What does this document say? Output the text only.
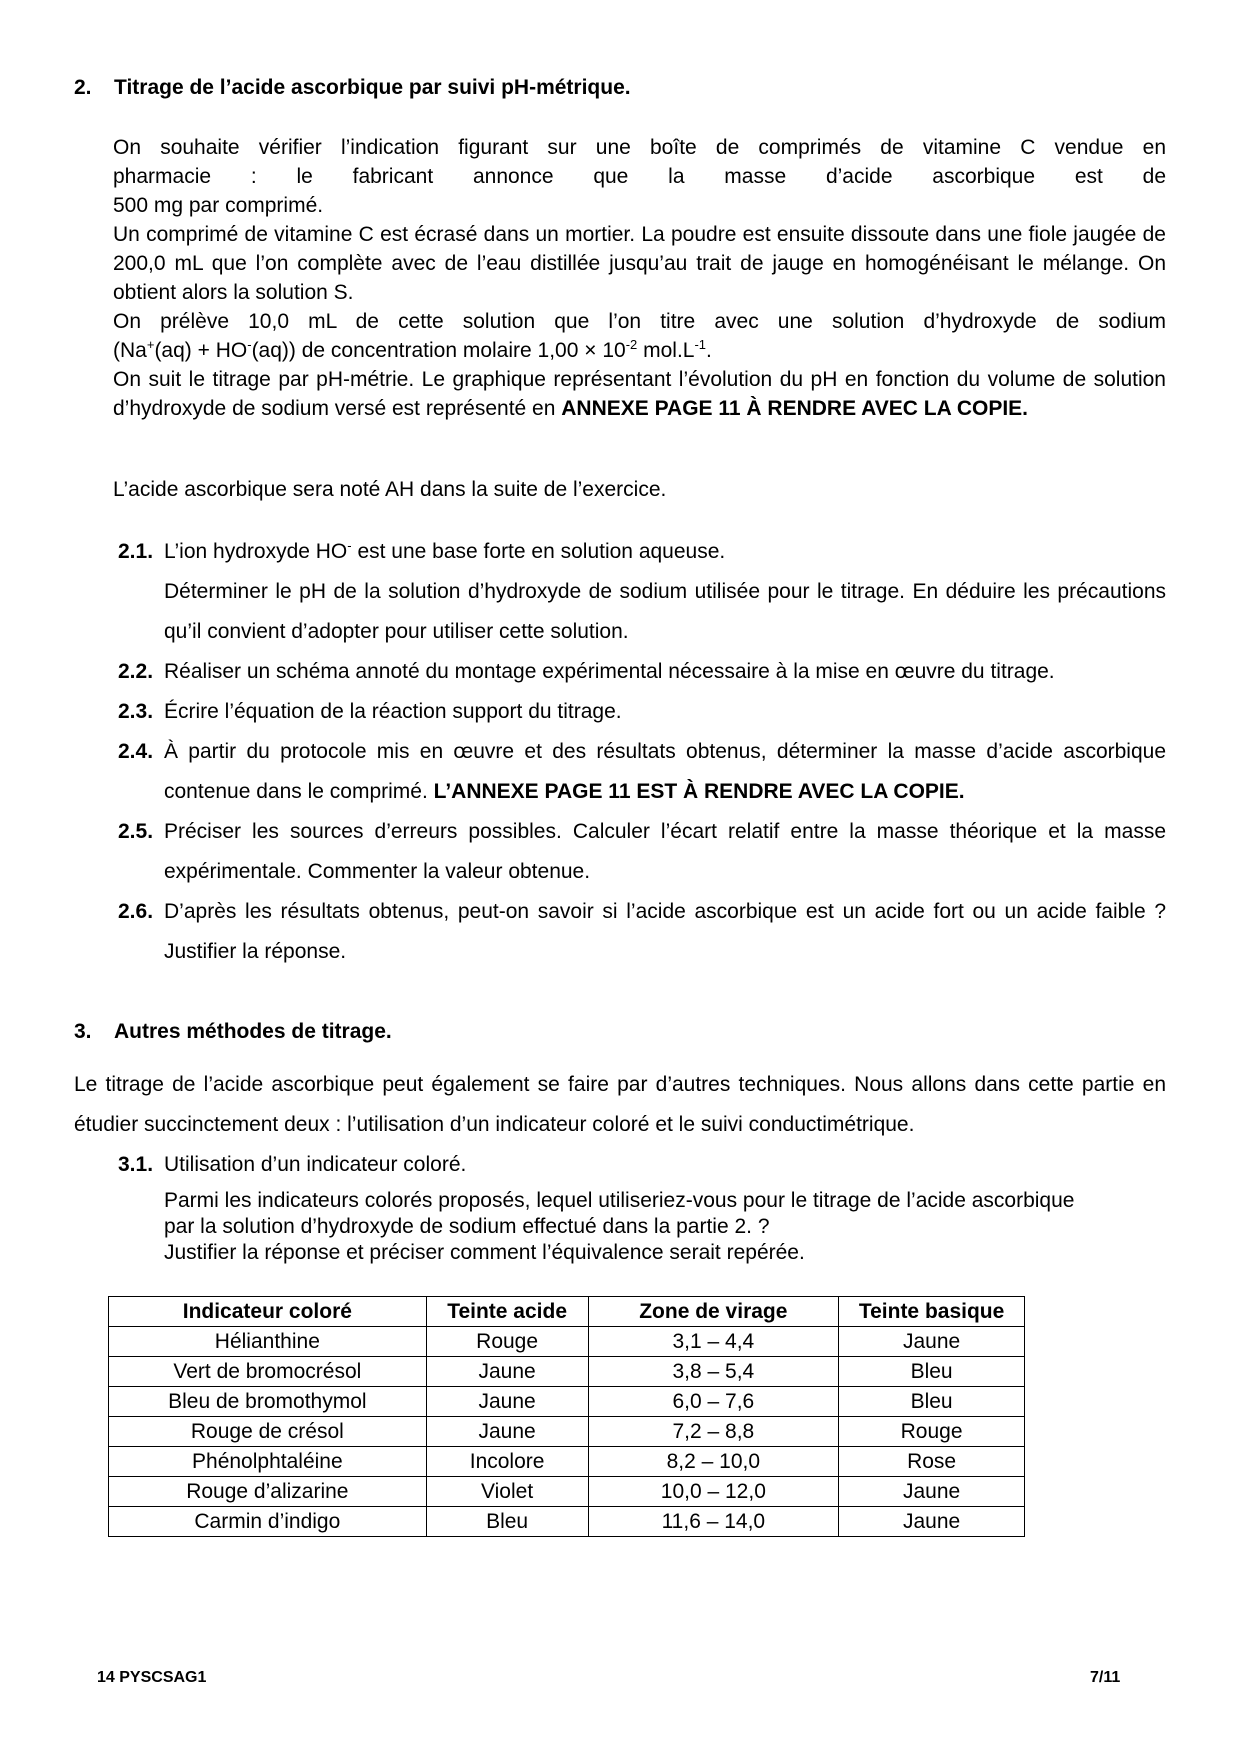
2. Titrage de l’acide ascorbique par suivi pH-métrique.
On souhaite vérifier l’indication figurant sur une boîte de comprimés de vitamine C vendue en
pharmacie : le fabricant annonce que la masse d’acide ascorbique est de
500 mg par comprimé.
Un comprimé de vitamine C est écrasé dans un mortier. La poudre est ensuite dissoute dans une fiole jaugée de 200,0 mL que l’on complète avec de l’eau distillée jusqu’au trait de jauge en homogénéisant le mélange. On obtient alors la solution S.
On prélève 10,0 mL de cette solution que l’on titre avec une solution d’hydroxyde de sodium
(Na+(aq) + HO-(aq)) de concentration molaire $1,00 \times 10^{-2}$ $mol.L^{-1}$.
On suit le titrage par pH-métrie. Le graphique représentant l’évolution du pH en fonction du volume de solution d’hydroxyde de sodium versé est représenté en ANNEXE PAGE 11 À RENDRE AVEC LA COPIE.
L’acide ascorbique sera noté AH dans la suite de l’exercice.
2.1. L’ion hydroxyde HO- est une base forte en solution aqueuse.
Déterminer le pH de la solution d’hydroxyde de sodium utilisée pour le titrage. En déduire les précautions qu’il convient d’adopter pour utiliser cette solution.
2.2. Réaliser un schéma annoté du montage expérimental nécessaire à la mise en œuvre du titrage.
2.3. Écrire l’équation de la réaction support du titrage.
2.4. À partir du protocole mis en œuvre et des résultats obtenus, déterminer la masse d’acide ascorbique contenue dans le comprimé. L’ANNEXE PAGE 11 EST À RENDRE AVEC LA COPIE.
2.5. Préciser les sources d’erreurs possibles. Calculer l’écart relatif entre la masse théorique et la masse expérimentale. Commenter la valeur obtenue.
2.6. D’après les résultats obtenus, peut-on savoir si l’acide ascorbique est un acide fort ou un acide faible ? Justifier la réponse.
3. Autres méthodes de titrage.
Le titrage de l’acide ascorbique peut également se faire par d’autres techniques. Nous allons dans cette partie en étudier succinctement deux : l’utilisation d’un indicateur coloré et le suivi conductimétrique.
3.1. Utilisation d’un indicateur coloré.
Parmi les indicateurs colorés proposés, lequel utiliseriez-vous pour le titrage de l’acide ascorbique
par la solution d’hydroxyde de sodium effectué dans la partie 2. ?
Justifier la réponse et préciser comment l’équivalence serait repérée.
Indicateur coloré	Teinte acide	Zone de virage	Teinte basique
Hélianthine	Rouge	3,1 – 4,4	Jaune
Vert de bromocrésol	Jaune	3,8 – 5,4	Bleu
Bleu de bromothymol	Jaune	6,0 – 7,6	Bleu
Rouge de crésol	Jaune	7,2 – 8,8	Rouge
Phénolphtaléine	Incolore	8,2 – 10,0	Rose
Rouge d’alizarine	Violet	10,0 – 12,0	Jaune
Carmin d’indigo	Bleu	11,6 – 14,0	Jaune
14 PYSCSAG1	7/11
